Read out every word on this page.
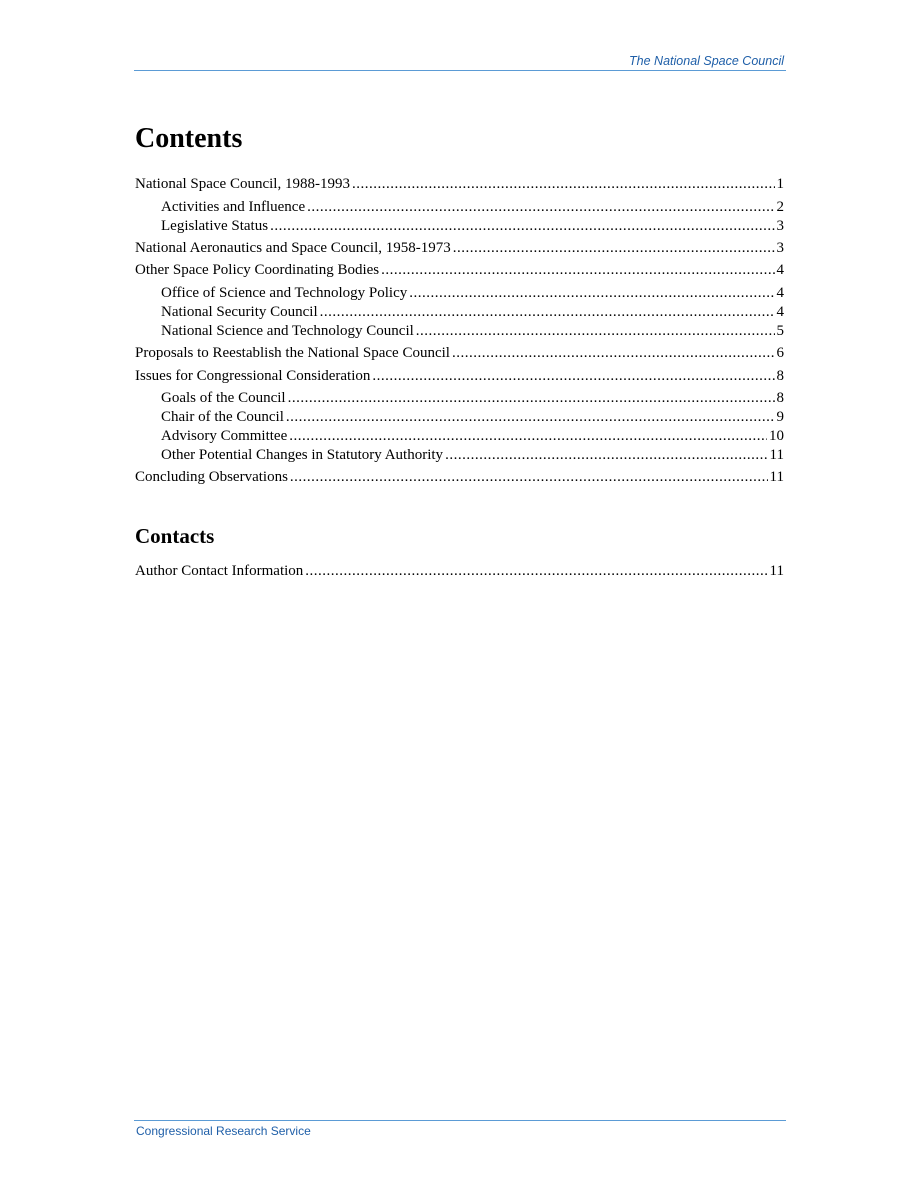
The National Space Council
Contents
National Space Council, 1988-1993 .....	1
Activities and Influence .....	2
Legislative Status .....	3
National Aeronautics and Space Council, 1958-1973 .....	3
Other Space Policy Coordinating Bodies .....	4
Office of Science and Technology Policy .....	4
National Security Council .....	4
National Science and Technology Council .....	5
Proposals to Reestablish the National Space Council .....	6
Issues for Congressional Consideration .....	8
Goals of the Council .....	8
Chair of the Council .....	9
Advisory Committee .....	10
Other Potential Changes in Statutory Authority .....	11
Concluding Observations .....	11
Contacts
Author Contact Information .....	11
Congressional Research Service
